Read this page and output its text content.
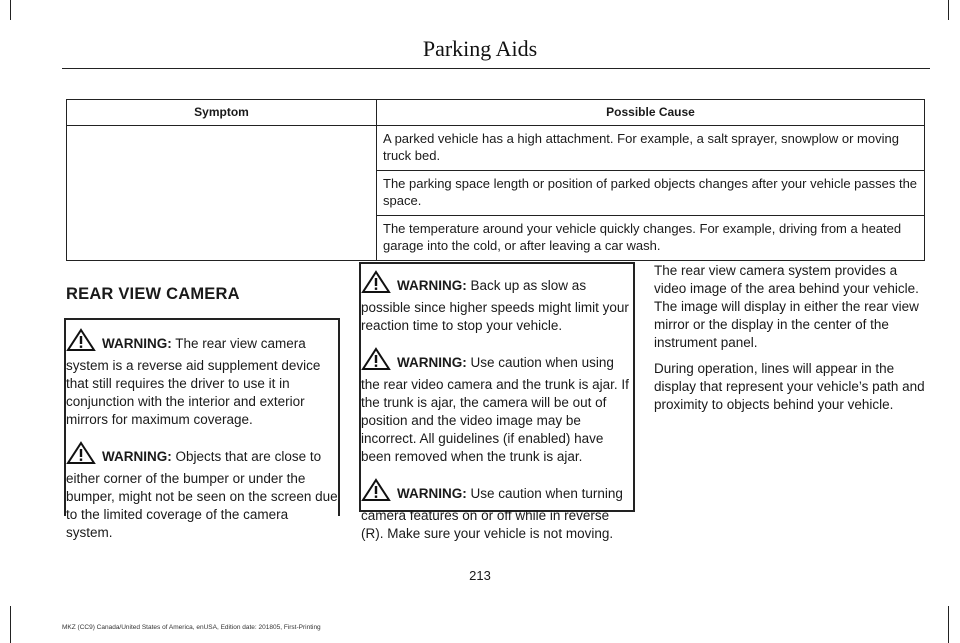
Parking Aids
Symptom	Possible Cause
	A parked vehicle has a high attachment. For example, a salt sprayer, snowplow or moving truck bed.
	The parking space length or position of parked objects changes after your vehicle passes the space.
	The temperature around your vehicle quickly changes. For example, driving from a heated garage into the cold, or after leaving a car wash.
REAR VIEW CAMERA

WARNING: The rear view camera system is a reverse aid supplement device that still requires the driver to use it in conjunction with the interior and exterior mirrors for maximum coverage.

WARNING: Objects that are close to either corner of the bumper or under the bumper, might not be seen on the screen due to the limited coverage of the camera system.

WARNING: Back up as slow as possible since higher speeds might limit your reaction time to stop your vehicle.

WARNING: Use caution when using the rear video camera and the trunk is ajar. If the trunk is ajar, the camera will be out of position and the video image may be incorrect. All guidelines (if enabled) have been removed when the trunk is ajar.

WARNING: Use caution when turning camera features on or off while in reverse (R). Make sure your vehicle is not moving.

The rear view camera system provides a video image of the area behind your vehicle. The image will display in either the rear view mirror or the display in the center of the instrument panel.

During operation, lines will appear in the display that represent your vehicle’s path and proximity to objects behind your vehicle.

213
MKZ (CC9) Canada/United States of America, enUSA, Edition date: 201805, First-Printing
